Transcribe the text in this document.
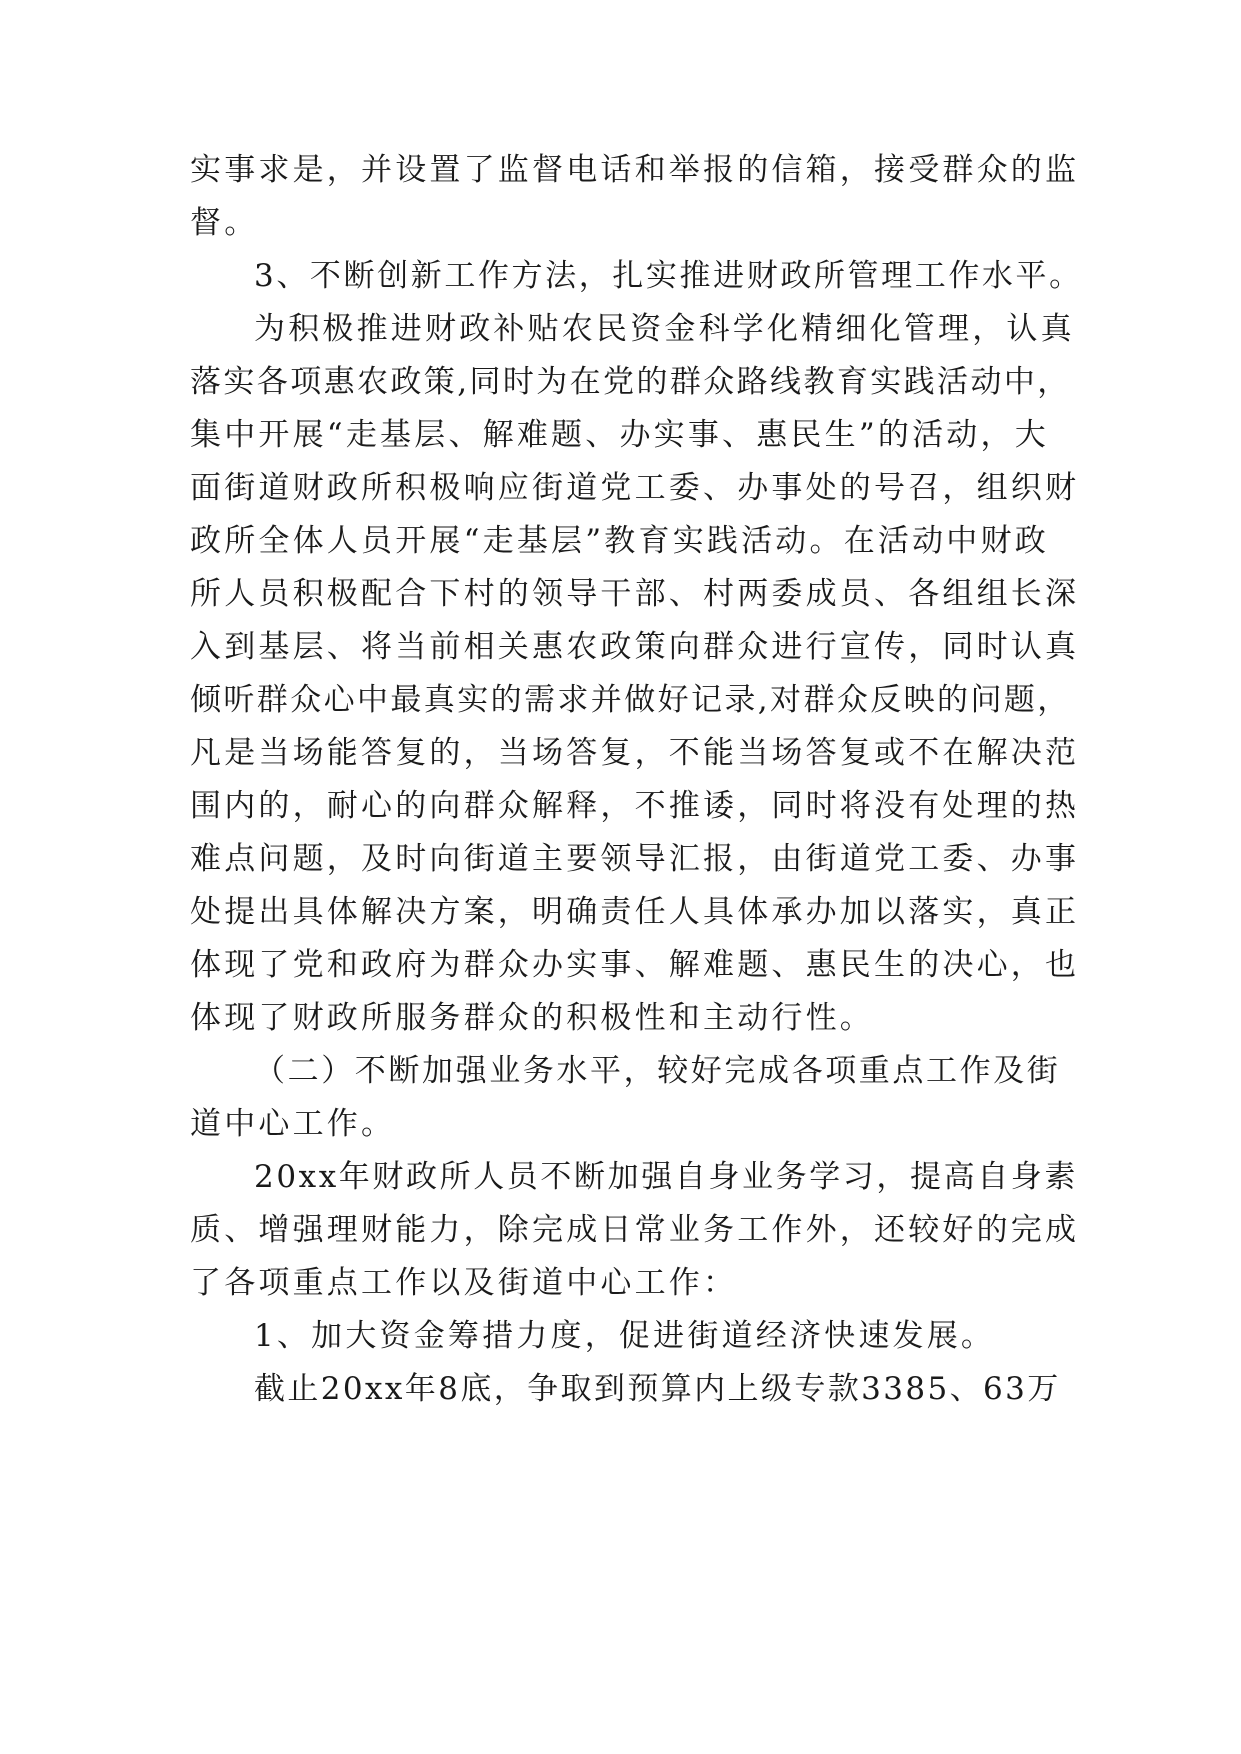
实事求是，并设置了监督电话和举报的信箱，接受群众的监
督。
3、不断创新工作方法，扎实推进财政所管理工作水平。
为积极推进财政补贴农民资金科学化精细化管理，认真
落实各项惠农政策,同时为在党的群众路线教育实践活动中，
集中开展“走基层、解难题、办实事、惠民生”的活动，大
面街道财政所积极响应街道党工委、办事处的号召，组织财
政所全体人员开展“走基层”教育实践活动。在活动中财政
所人员积极配合下村的领导干部、村两委成员、各组组长深
入到基层、将当前相关惠农政策向群众进行宣传，同时认真
倾听群众心中最真实的需求并做好记录,对群众反映的问题，
凡是当场能答复的，当场答复，不能当场答复或不在解决范
围内的，耐心的向群众解释，不推诿，同时将没有处理的热
难点问题，及时向街道主要领导汇报，由街道党工委、办事
处提出具体解决方案，明确责任人具体承办加以落实，真正
体现了党和政府为群众办实事、解难题、惠民生的决心，也
体现了财政所服务群众的积极性和主动行性。
（二）不断加强业务水平，较好完成各项重点工作及街
道中心工作。
20xx年财政所人员不断加强自身业务学习，提高自身素
质、增强理财能力，除完成日常业务工作外，还较好的完成
了各项重点工作以及街道中心工作：
1、加大资金筹措力度，促进街道经济快速发展。
截止20xx年8底，争取到预算内上级专款3385、63万
